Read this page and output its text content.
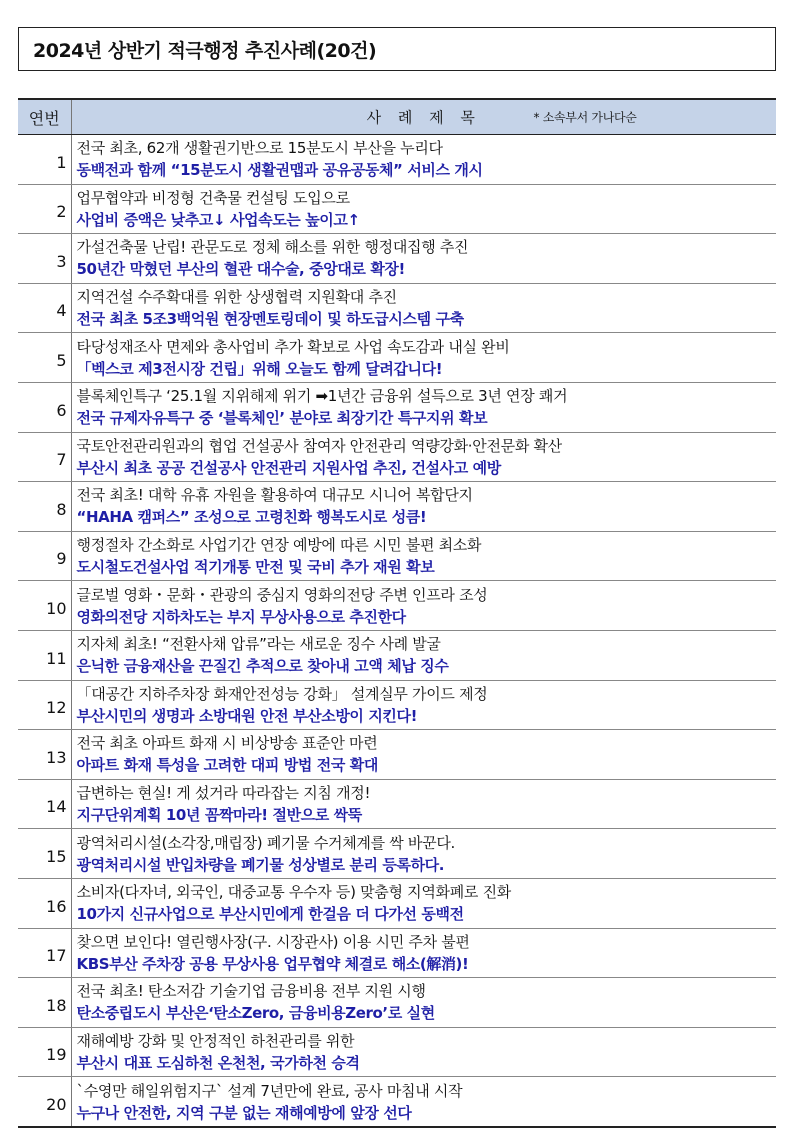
2024년 상반기 적극행정 추진사례(20건)
연번	사 례 제 목 * 소속부서 가나다순

1	전국 최초, 62개 생활권기반으로 15분도시 부산을 누리다
동백전과 함께 “15분도시 생활권맵과 공유공동체” 서비스 개시

2	업무협약과 비정형 건축물 컨설팅 도입으로
사업비 증액은 낮추고↓ 사업속도는 높이고↑

3	가설건축물 난립! 관문도로 정체 해소를 위한 행정대집행 추진
50년간 막혔던 부산의 혈관 대수술, 중앙대로 확장!

4	지역건설 수주확대를 위한 상생협력 지원확대 추진
전국 최초 5조3백억원 현장멘토링데이 및 하도급시스템 구축

5	타당성재조사 면제와 총사업비 추가 확보로 사업 속도감과 내실 완비
「벡스코 제3전시장 건립」위해 오늘도 함께 달려갑니다!

6	블록체인특구 ‘25.1월 지위해제 위기 ➡1년간 금융위 설득으로 3년 연장 쾌거
전국 규제자유특구 중 ‘블록체인’ 분야로 최장기간 특구지위 확보

7	국토안전관리원과의 협업 건설공사 참여자 안전관리 역량강화·안전문화 확산
부산시 최초 공공 건설공사 안전관리 지원사업 추진, 건설사고 예방

8	전국 최초! 대학 유휴 자원을 활용하여 대규모 시니어 복합단지
“HAHA 캠퍼스” 조성으로 고령친화 행복도시로 성큼!

9	행정절차 간소화로 사업기간 연장 예방에 따른 시민 불편 최소화
도시철도건설사업 적기개통 만전 및 국비 추가 재원 확보

10	글로벌 영화・문화・관광의 중심지 영화의전당 주변 인프라 조성
영화의전당 지하차도는 부지 무상사용으로 추진한다

11	지자체 최초! “전환사채 압류”라는 새로운 징수 사례 발굴
은닉한 금융재산을 끈질긴 추적으로 찾아내 고액 체납 징수

12	「대공간 지하주차장 화재안전성능 강화」 설계실무 가이드 제정
부산시민의 생명과 소방대원 안전 부산소방이 지킨다!

13	전국 최초 아파트 화재 시 비상방송 표준안 마련
아파트 화재 특성을 고려한 대피 방법 전국 확대

14	급변하는 현실! 게 섰거라 따라잡는 지침 개정!
지구단위계획 10년 꼼짝마라! 절반으로 싹뚝

15	광역처리시설(소각장,매립장) 폐기물 수거체계를 싹 바꾼다.
광역처리시설 반입차량을 폐기물 성상별로 분리 등록하다.

16	소비자(다자녀, 외국인, 대중교통 우수자 등) 맞춤형 지역화폐로 진화
10가지 신규사업으로 부산시민에게 한걸음 더 다가선 동백전

17	찾으면 보인다! 열린행사장(구. 시장관사) 이용 시민 주차 불편
KBS부산 주차장 공용 무상사용 업무협약 체결로 해소(解消)!

18	전국 최초! 탄소저감 기술기업 금융비용 전부 지원 시행
탄소중립도시 부산은‘탄소Zero, 금융비용Zero’로 실현

19	재해예방 강화 및 안정적인 하천관리를 위한
부산시 대표 도심하천 온천천, 국가하천 승격

20	`수영만 해일위험지구` 설계 7년만에 완료, 공사 마침내 시작
누구나 안전한, 지역 구분 없는 재해예방에 앞장 선다
